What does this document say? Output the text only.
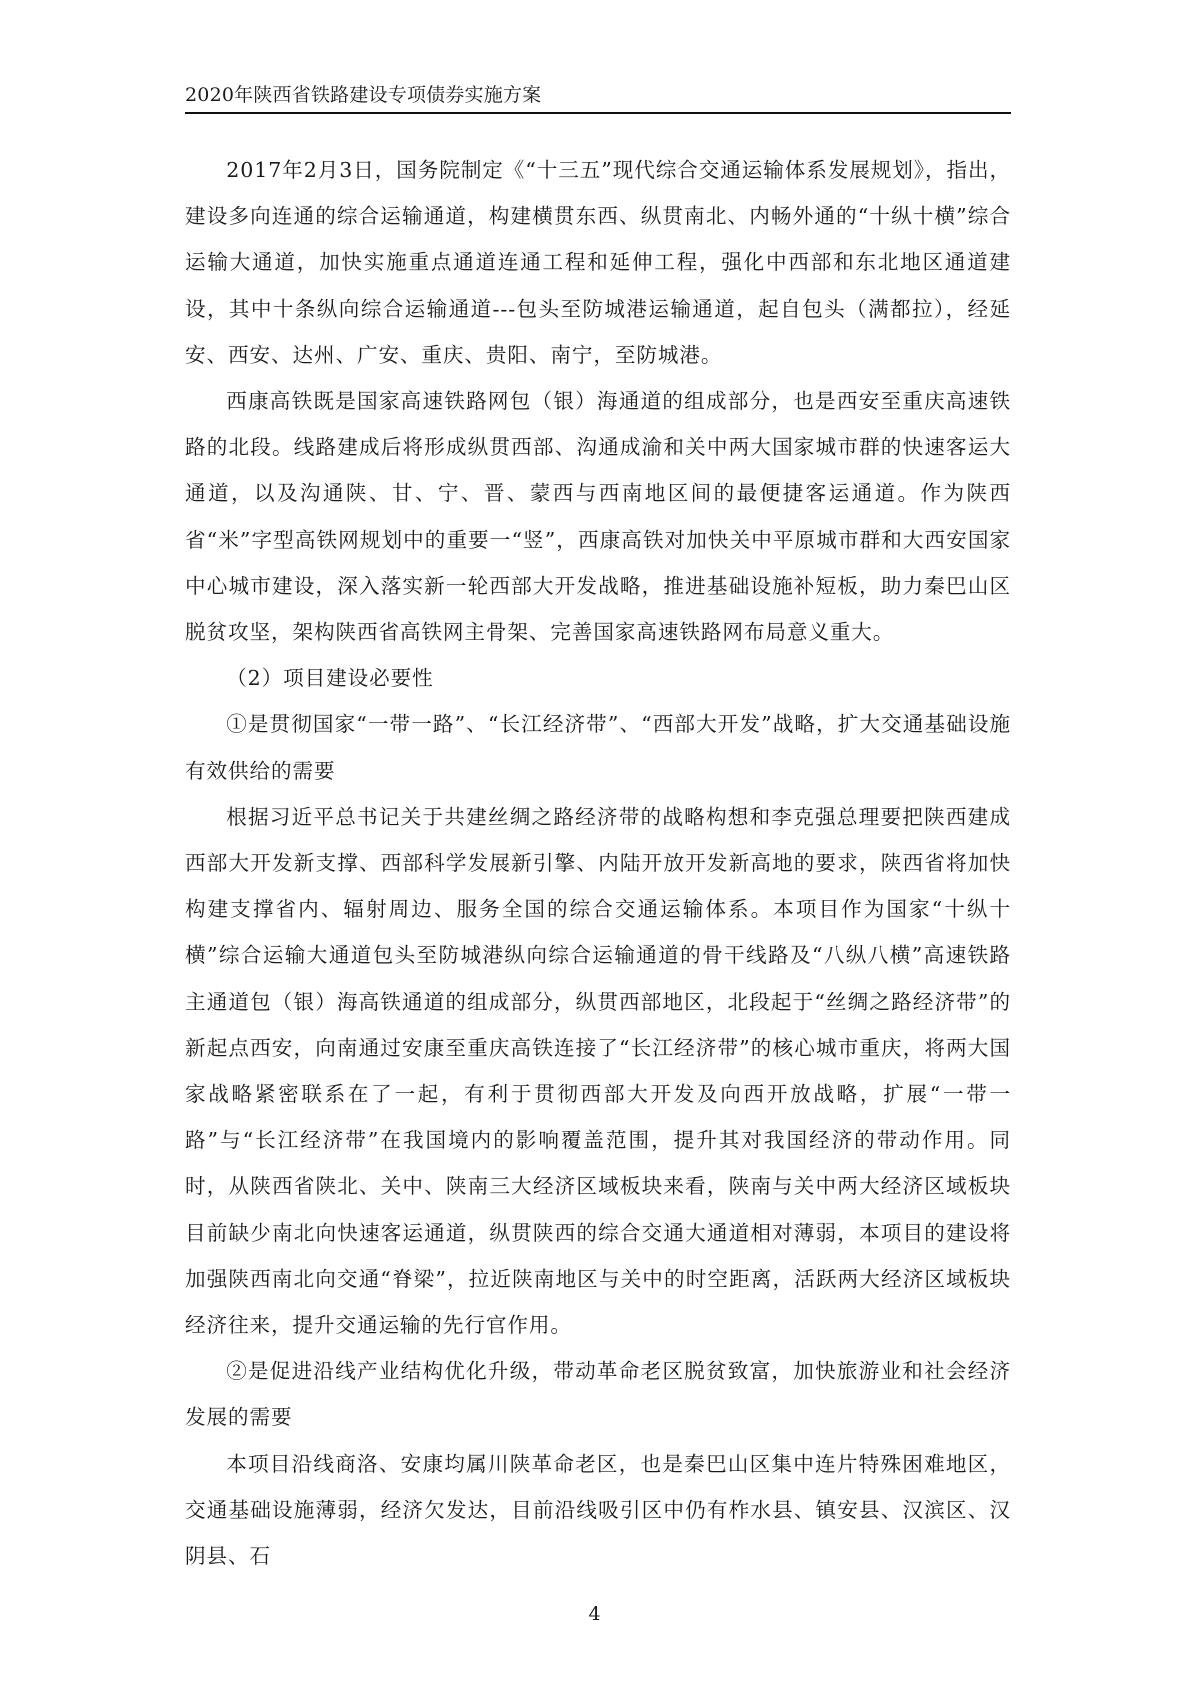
2020年陕西省铁路建设专项债券实施方案

2017年2月3日，国务院制定《“十三五”现代综合交通运输体系发展规划》，指出，建设多向连通的综合运输通道，构建横贯东西、纵贯南北、内畅外通的“十纵十横”综合运输大通道，加快实施重点通道连通工程和延伸工程，强化中西部和东北地区通道建设，其中十条纵向综合运输通道---包头至防城港运输通道，起自包头（满都拉），经延安、西安、达州、广安、重庆、贵阳、南宁，至防城港。

西康高铁既是国家高速铁路网包（银）海通道的组成部分，也是西安至重庆高速铁路的北段。线路建成后将形成纵贯西部、沟通成渝和关中两大国家城市群的快速客运大通道，以及沟通陕、甘、宁、晋、蒙西与西南地区间的最便捷客运通道。作为陕西省“米”字型高铁网规划中的重要一“竖”，西康高铁对加快关中平原城市群和大西安国家中心城市建设，深入落实新一轮西部大开发战略，推进基础设施补短板，助力秦巴山区脱贫攻坚，架构陕西省高铁网主骨架、完善国家高速铁路网布局意义重大。

（2）项目建设必要性

①是贯彻国家“一带一路”、“长江经济带”、“西部大开发”战略，扩大交通基础设施有效供给的需要

根据习近平总书记关于共建丝绸之路经济带的战略构想和李克强总理要把陕西建成西部大开发新支撑、西部科学发展新引擎、内陆开放开发新高地的要求，陕西省将加快构建支撑省内、辐射周边、服务全国的综合交通运输体系。本项目作为国家“十纵十横”综合运输大通道包头至防城港纵向综合运输通道的骨干线路及“八纵八横”高速铁路主通道包（银）海高铁通道的组成部分，纵贯西部地区，北段起于“丝绸之路经济带”的新起点西安，向南通过安康至重庆高铁连接了“长江经济带”的核心城市重庆，将两大国家战略紧密联系在了一起，有利于贯彻西部大开发及向西开放战略，扩展“一带一路”与“长江经济带”在我国境内的影响覆盖范围，提升其对我国经济的带动作用。同时，从陕西省陕北、关中、陕南三大经济区域板块来看，陕南与关中两大经济区域板块目前缺少南北向快速客运通道，纵贯陕西的综合交通大通道相对薄弱，本项目的建设将加强陕西南北向交通“脊梁”，拉近陕南地区与关中的时空距离，活跃两大经济区域板块经济往来，提升交通运输的先行官作用。

②是促进沿线产业结构优化升级，带动革命老区脱贫致富，加快旅游业和社会经济发展的需要

本项目沿线商洛、安康均属川陕革命老区，也是秦巴山区集中连片特殊困难地区，交通基础设施薄弱，经济欠发达，目前沿线吸引区中仍有柞水县、镇安县、汉滨区、汉阴县、石

4
